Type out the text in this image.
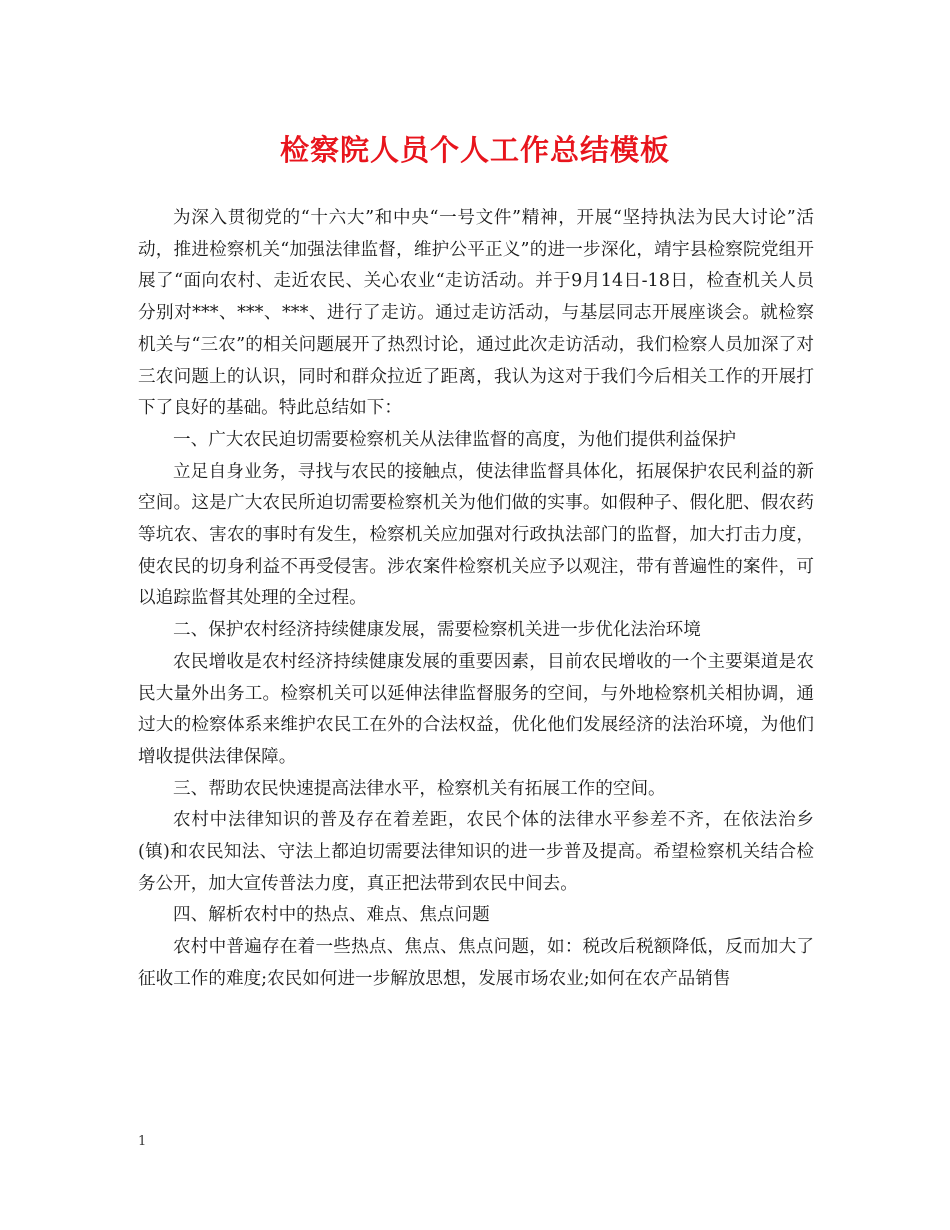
检察院人员个人工作总结模板

为深入贯彻党的“十六大”和中央“一号文件”精神，开展“坚持执法为民大讨论”活动，推进检察机关“加强法律监督，维护公平正义”的进一步深化，靖宇县检察院党组开展了“面向农村、走近农民、关心农业“走访活动。并于9月14日-18日，检查机关人员分别对***、***、***、进行了走访。通过走访活动，与基层同志开展座谈会。就检察机关与“三农”的相关问题展开了热烈讨论，通过此次走访活动，我们检察人员加深了对三农问题上的认识，同时和群众拉近了距离，我认为这对于我们今后相关工作的开展打下了良好的基础。特此总结如下：

一、广大农民迫切需要检察机关从法律监督的高度，为他们提供利益保护

立足自身业务，寻找与农民的接触点，使法律监督具体化，拓展保护农民利益的新空间。这是广大农民所迫切需要检察机关为他们做的实事。如假种子、假化肥、假农药等坑农、害农的事时有发生，检察机关应加强对行政执法部门的监督，加大打击力度，使农民的切身利益不再受侵害。涉农案件检察机关应予以观注，带有普遍性的案件，可以追踪监督其处理的全过程。

二、保护农村经济持续健康发展，需要检察机关进一步优化法治环境

农民增收是农村经济持续健康发展的重要因素，目前农民增收的一个主要渠道是农民大量外出务工。检察机关可以延伸法律监督服务的空间，与外地检察机关相协调，通过大的检察体系来维护农民工在外的合法权益，优化他们发展经济的法治环境，为他们增收提供法律保障。

三、帮助农民快速提高法律水平，检察机关有拓展工作的空间。

农村中法律知识的普及存在着差距，农民个体的法律水平参差不齐，在依法治乡(镇)和农民知法、守法上都迫切需要法律知识的进一步普及提高。希望检察机关结合检务公开，加大宣传普法力度，真正把法带到农民中间去。

四、解析农村中的热点、难点、焦点问题

农村中普遍存在着一些热点、焦点、焦点问题，如：税改后税额降低，反而加大了征收工作的难度;农民如何进一步解放思想，发展市场农业;如何在农产品销售

1
